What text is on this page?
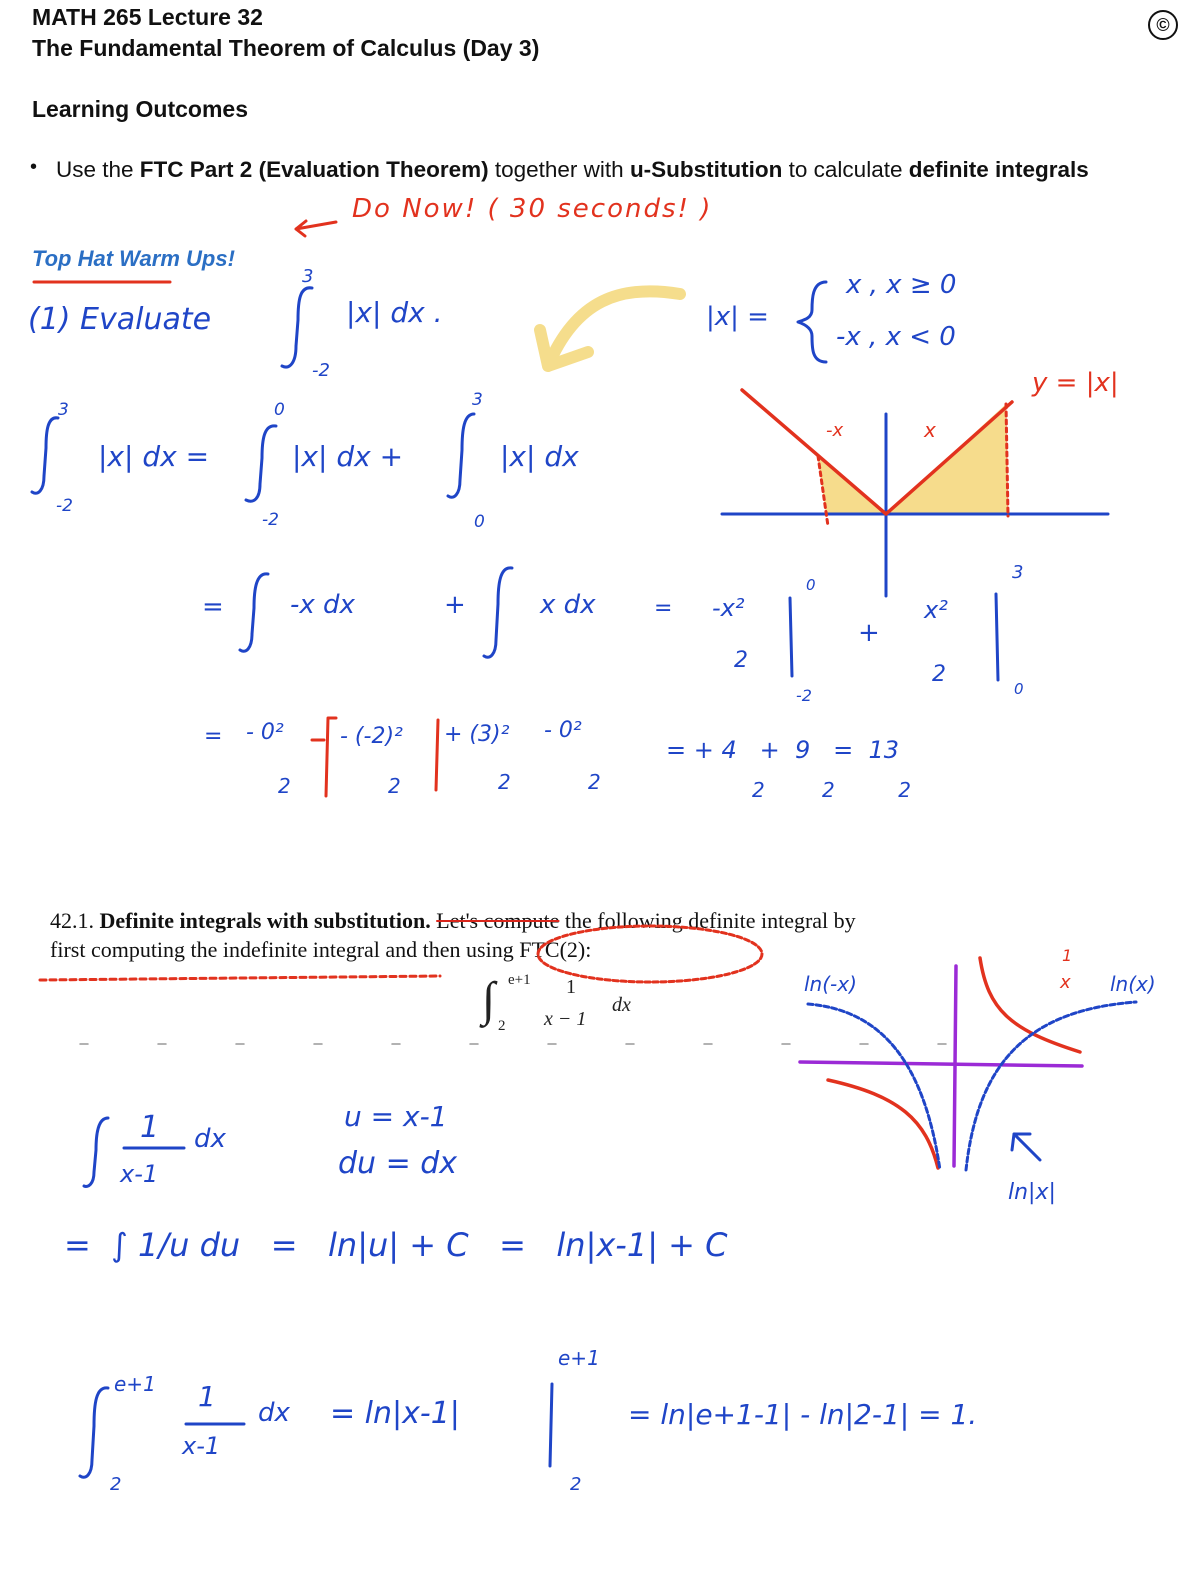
MATH 265 Lecture 32
The Fundamental Theorem of Calculus (Day 3)
Learning Outcomes
©
• Use the FTC Part 2 (Evaluation Theorem) together with u-Substitution to calculate definite integrals
Do Now! ( 30 seconds! )
Top Hat Warm Ups!
(1) Evaluate	|x| dx .
3
-2
|x| =
x , x ≥ 0
-x , x < 0
y = |x|
-x	x
|x| dx =	|x| dx +	|x| dx
-2
3	0
-2
3
0
=	-x dx	+	x dx	= -x²
2
+
x²
2
0
-2
3
0
= - 0²
2
- (-2)²
2
+ (3)²
2
- 0²
2
= + 4   +  9   =  13
2         2          2
42.1. Definite integrals with substitution. Let's compute the following definite integral by
first computing the indefinite integral and then using FTC(2):
∫ e+1
2
1
x − 1
dx
ln(-x)	ln(x)
1
x
ln|x|
1
x-1
dx
u = x-1
du = dx
=  ∫ 1/u du   =   ln|u| + C   =   ln|x-1| + C
e+1
2
1
x-1
dx = ln|x-1|
e+1
2
= ln|e+1-1| - ln|2-1| = 1.
